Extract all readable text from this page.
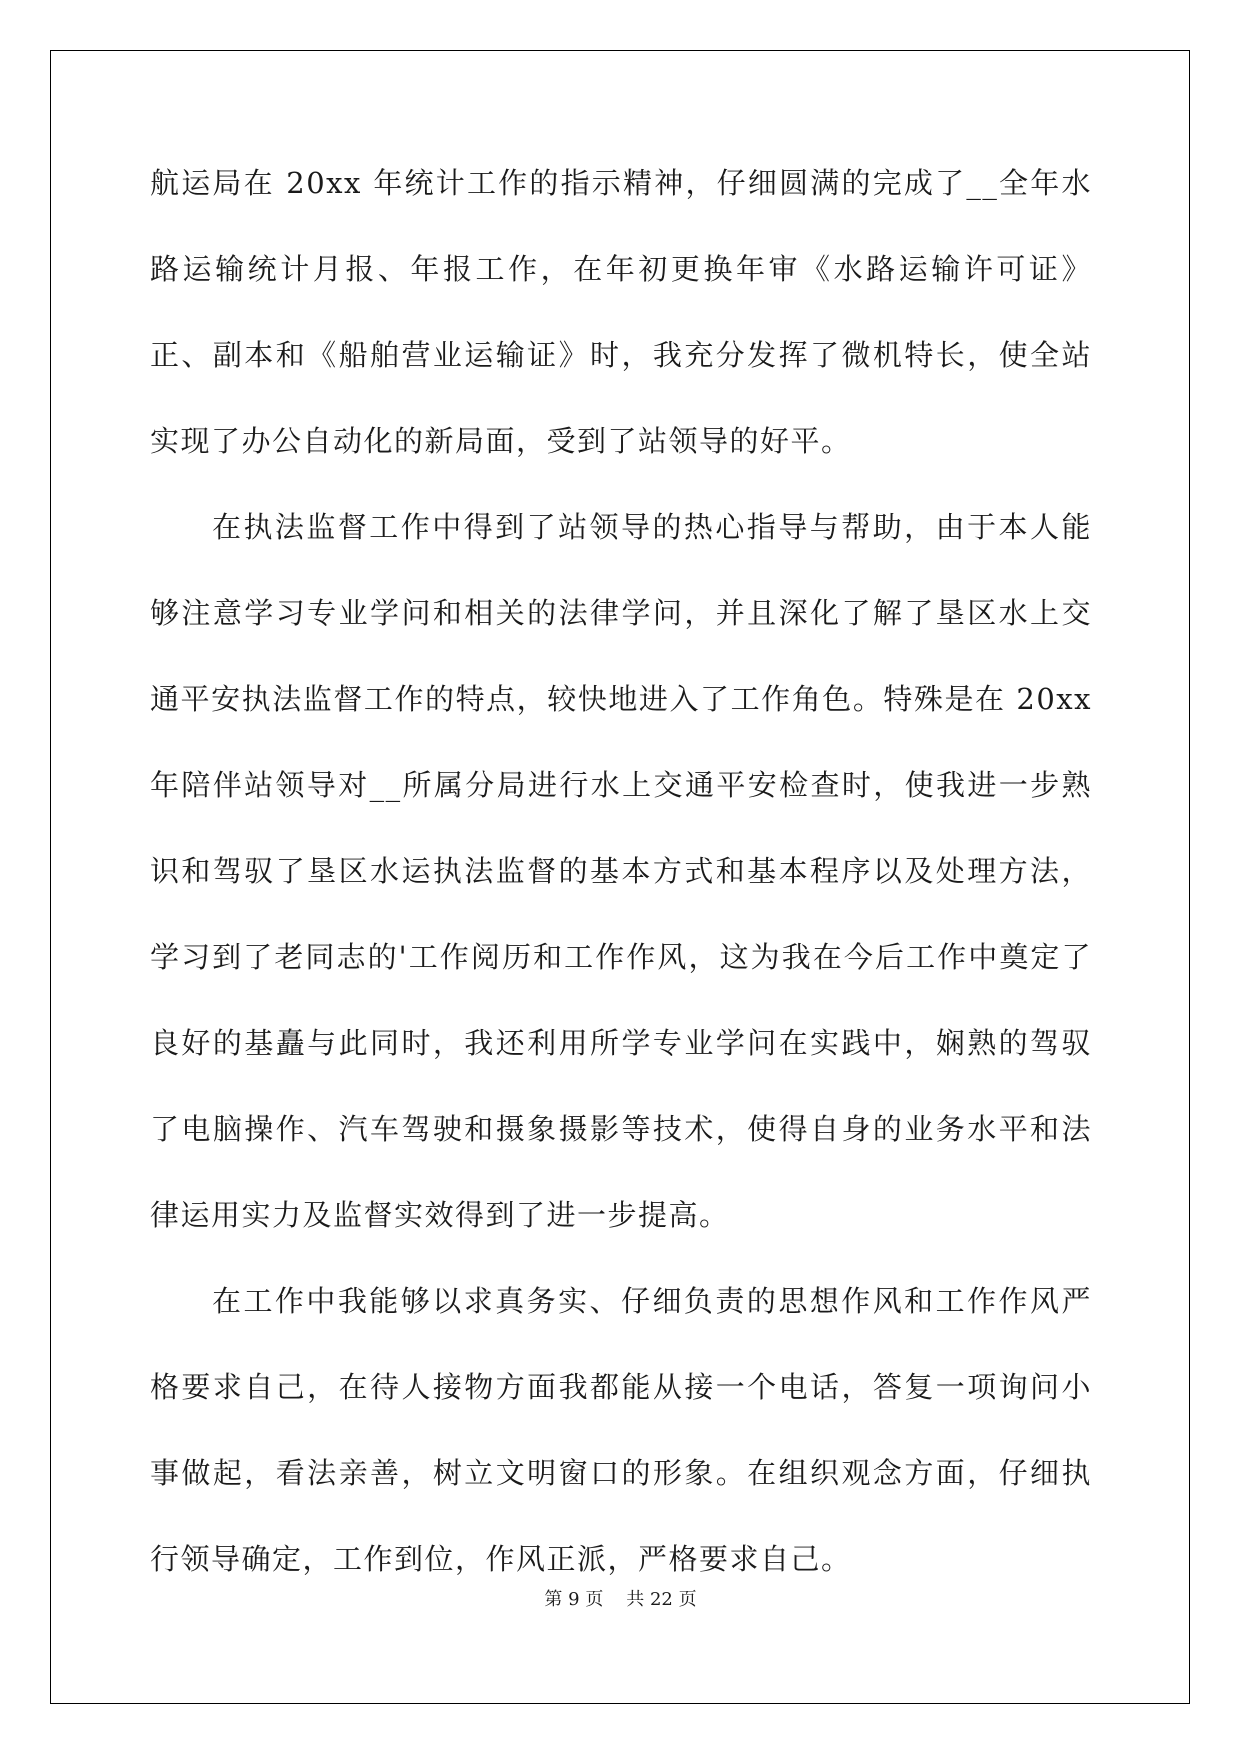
航运局在 20xx 年统计工作的指示精神，仔细圆满的完成了__全年水路运输统计月报、年报工作，在年初更换年审《水路运输许可证》正、副本和《船舶营业运输证》时，我充分发挥了微机特长，使全站实现了办公自动化的新局面，受到了站领导的好平。

在执法监督工作中得到了站领导的热心指导与帮助，由于本人能够注意学习专业学问和相关的法律学问，并且深化了解了垦区水上交通平安执法监督工作的特点，较快地进入了工作角色。特殊是在 20xx 年陪伴站领导对__所属分局进行水上交通平安检查时，使我进一步熟识和驾驭了垦区水运执法监督的基本方式和基本程序以及处理方法，学习到了老同志的'工作阅历和工作作风，这为我在今后工作中奠定了良好的基矗与此同时，我还利用所学专业学问在实践中，娴熟的驾驭了电脑操作、汽车驾驶和摄象摄影等技术，使得自身的业务水平和法律运用实力及监督实效得到了进一步提高。

在工作中我能够以求真务实、仔细负责的思想作风和工作作风严格要求自己，在待人接物方面我都能从接一个电话，答复一项询问小事做起，看法亲善，树立文明窗口的形象。在组织观念方面，仔细执行领导确定，工作到位，作风正派，严格要求自己。

第 9 页 共 22 页
